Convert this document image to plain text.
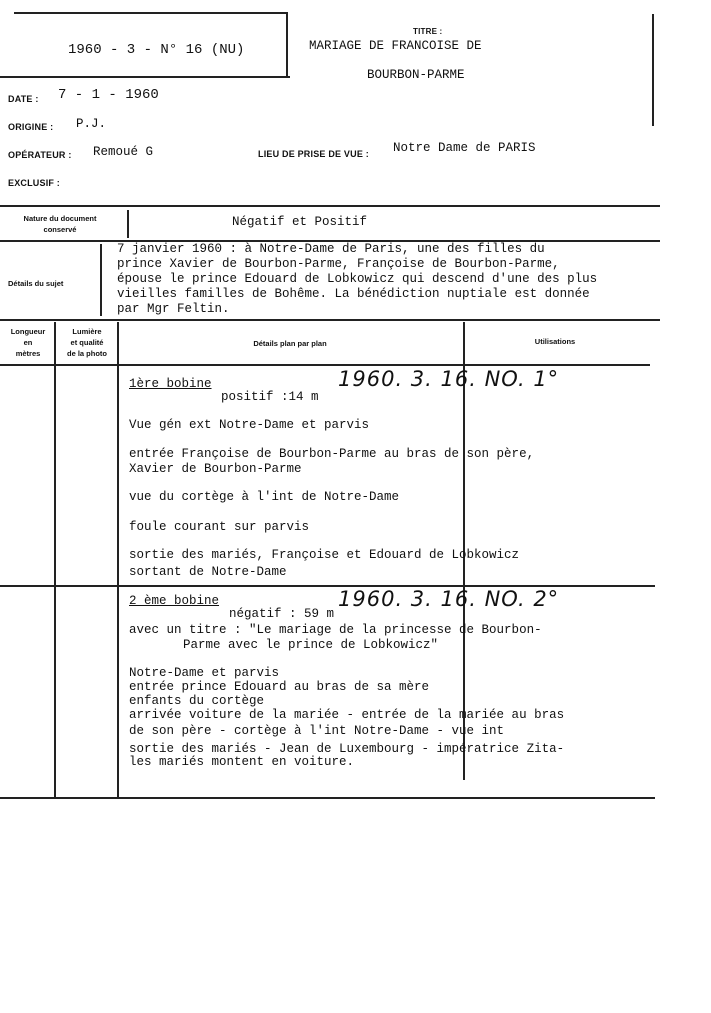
1960 - 3 - N° 16 (NU)
TITRE :
MARIAGE DE FRANCOISE DE
BOURBON-PARME
DATE : 7 - 1 - 1960
ORIGINE : P.J.
OPÉRATEUR : Remoué G	LIEU DE PRISE DE VUE : Notre Dame de PARIS
EXCLUSIF :
Nature du document
conservé
Négatif et Positif
Détails du sujet
7 janvier 1960 : à Notre-Dame de Paris, une des filles du
prince Xavier de Bourbon-Parme, Françoise de Bourbon-Parme,
épouse le prince Edouard de Lobkowicz qui descend d'une des plus
vieilles familles de Bohême. La bénédiction nuptiale est donnée
par Mgr Feltin.
Longueur
en
mètres
Lumière
et qualité
de la photo
Détails plan par plan	Utilisations
1ère bobine
positif :14 m
1960. 3. 16. NO. 1°
Vue gén ext Notre-Dame et parvis
entrée Françoise de Bourbon-Parme au bras de son père,
Xavier de Bourbon-Parme
vue du cortège à l'int de Notre-Dame
foule courant sur parvis
sortie des mariés, Françoise et Edouard de Lobkowicz
sortant de Notre-Dame
2 ème bobine
négatif : 59 m
1960. 3. 16. NO. 2°
avec un titre : "Le mariage de la princesse de Bourbon-
Parme avec le prince de Lobkowicz"
Notre-Dame et parvis
entrée prince Edouard au bras de sa mère
enfants du cortège
arrivée voiture de la mariée - entrée de la mariée au bras
de son père - cortège à l'int Notre-Dame - vue int
sortie des mariés - Jean de Luxembourg - impératrice Zita-
les mariés montent en voiture.
